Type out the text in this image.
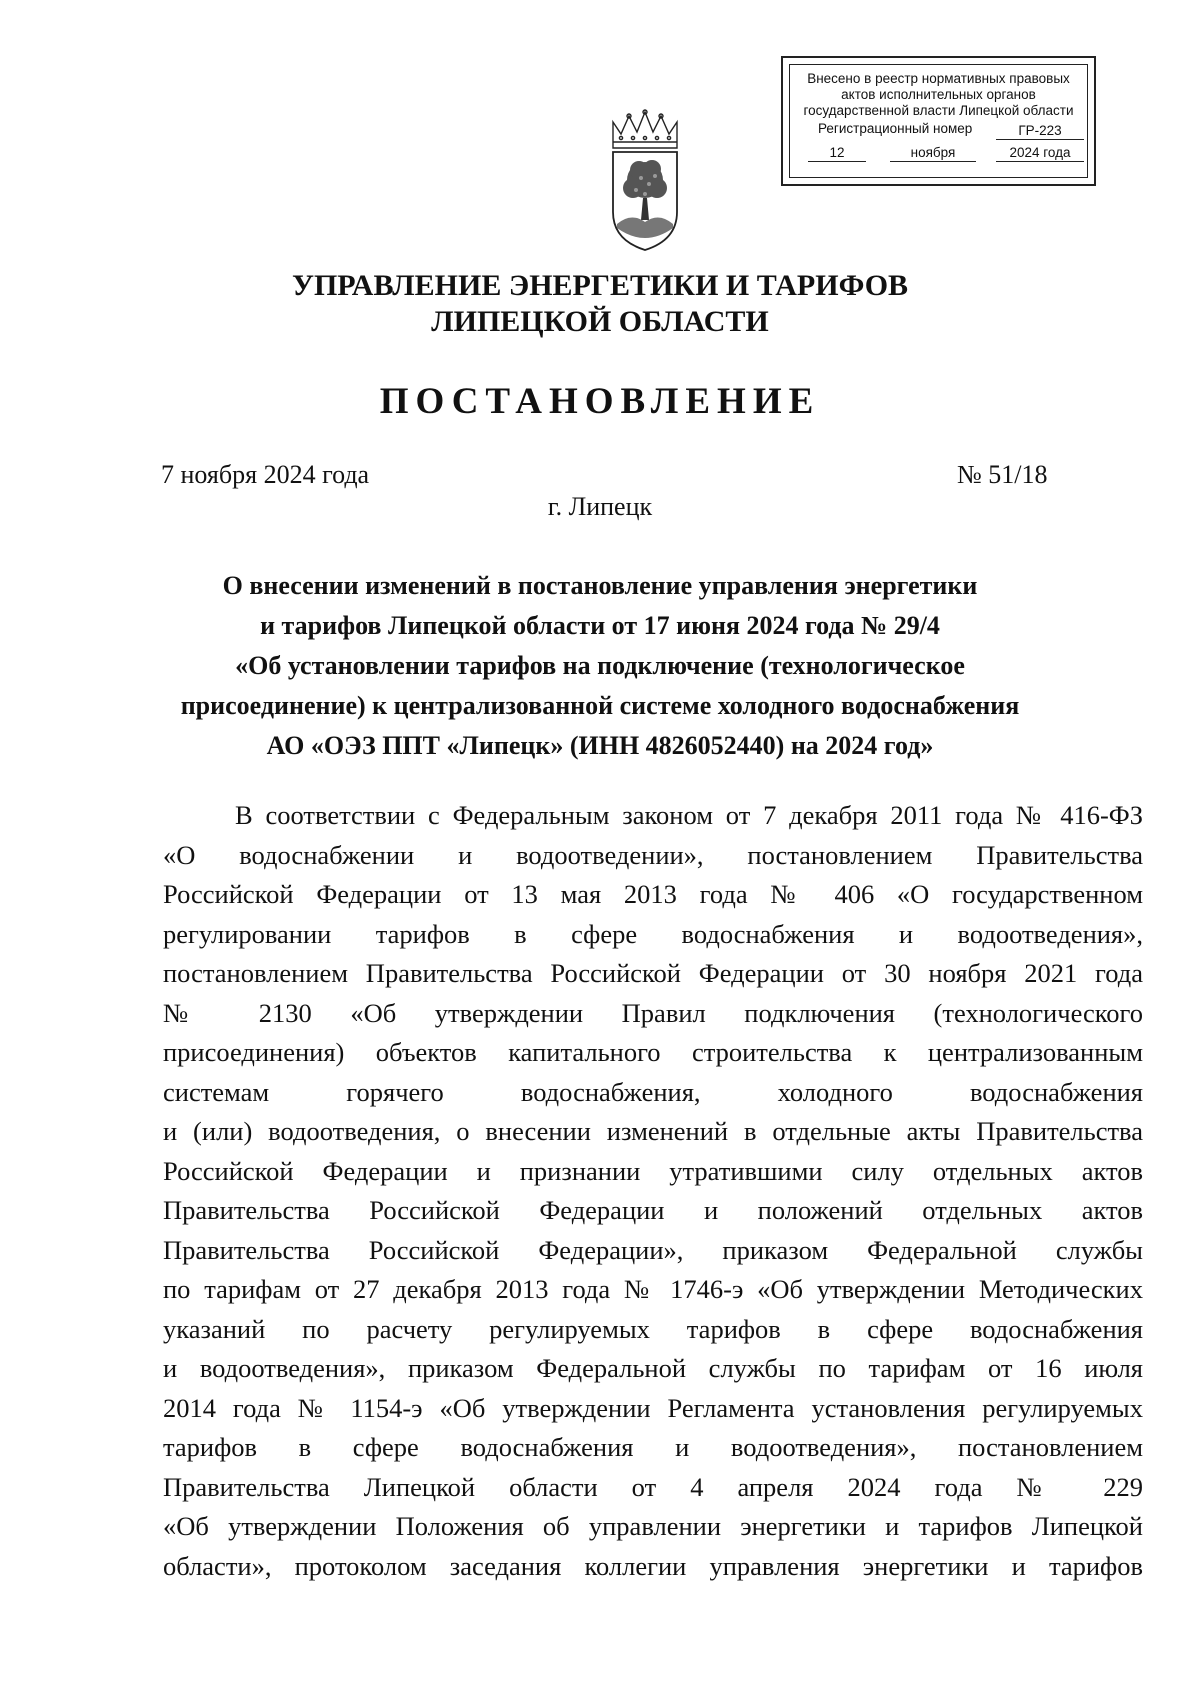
Внесено в реестр нормативных правовых
актов исполнительных органов
государственной власти Липецкой области
Регистрационный номер	ГР-223
12	ноября	2024 года
УПРАВЛЕНИЕ ЭНЕРГЕТИКИ И ТАРИФОВ
ЛИПЕЦКОЙ ОБЛАСТИ
ПОСТАНОВЛЕНИЕ
7 ноября 2024 года	№ 51/18
г. Липецк
О внесении изменений в постановление управления энергетики
и тарифов Липецкой области от 17 июня 2024 года № 29/4
«Об установлении тарифов на подключение (технологическое
присоединение) к централизованной системе холодного водоснабжения
АО «ОЭЗ ППТ «Липецк» (ИНН 4826052440) на 2024 год»
В соответствии с Федеральным законом от 7 декабря 2011 года № 416-ФЗ
«О водоснабжении и водоотведении», постановлением Правительства
Российской Федерации от 13 мая 2013 года № 406 «О государственном
регулировании тарифов в сфере водоснабжения и водоотведения»,
постановлением Правительства Российской Федерации от 30 ноября 2021 года
№ 2130 «Об утверждении Правил подключения (технологического
присоединения) объектов капитального строительства к централизованным
системам горячего водоснабжения, холодного водоснабжения
и (или) водоотведения, о внесении изменений в отдельные акты Правительства
Российской Федерации и признании утратившими силу отдельных актов
Правительства Российской Федерации и положений отдельных актов
Правительства Российской Федерации», приказом Федеральной службы
по тарифам от 27 декабря 2013 года № 1746-э «Об утверждении Методических
указаний по расчету регулируемых тарифов в сфере водоснабжения
и водоотведения», приказом Федеральной службы по тарифам от 16 июля
2014 года № 1154-э «Об утверждении Регламента установления регулируемых
тарифов в сфере водоснабжения и водоотведения», постановлением
Правительства Липецкой области от 4 апреля 2024 года № 229
«Об утверждении Положения об управлении энергетики и тарифов Липецкой
области», протоколом заседания коллегии управления энергетики и тарифов
